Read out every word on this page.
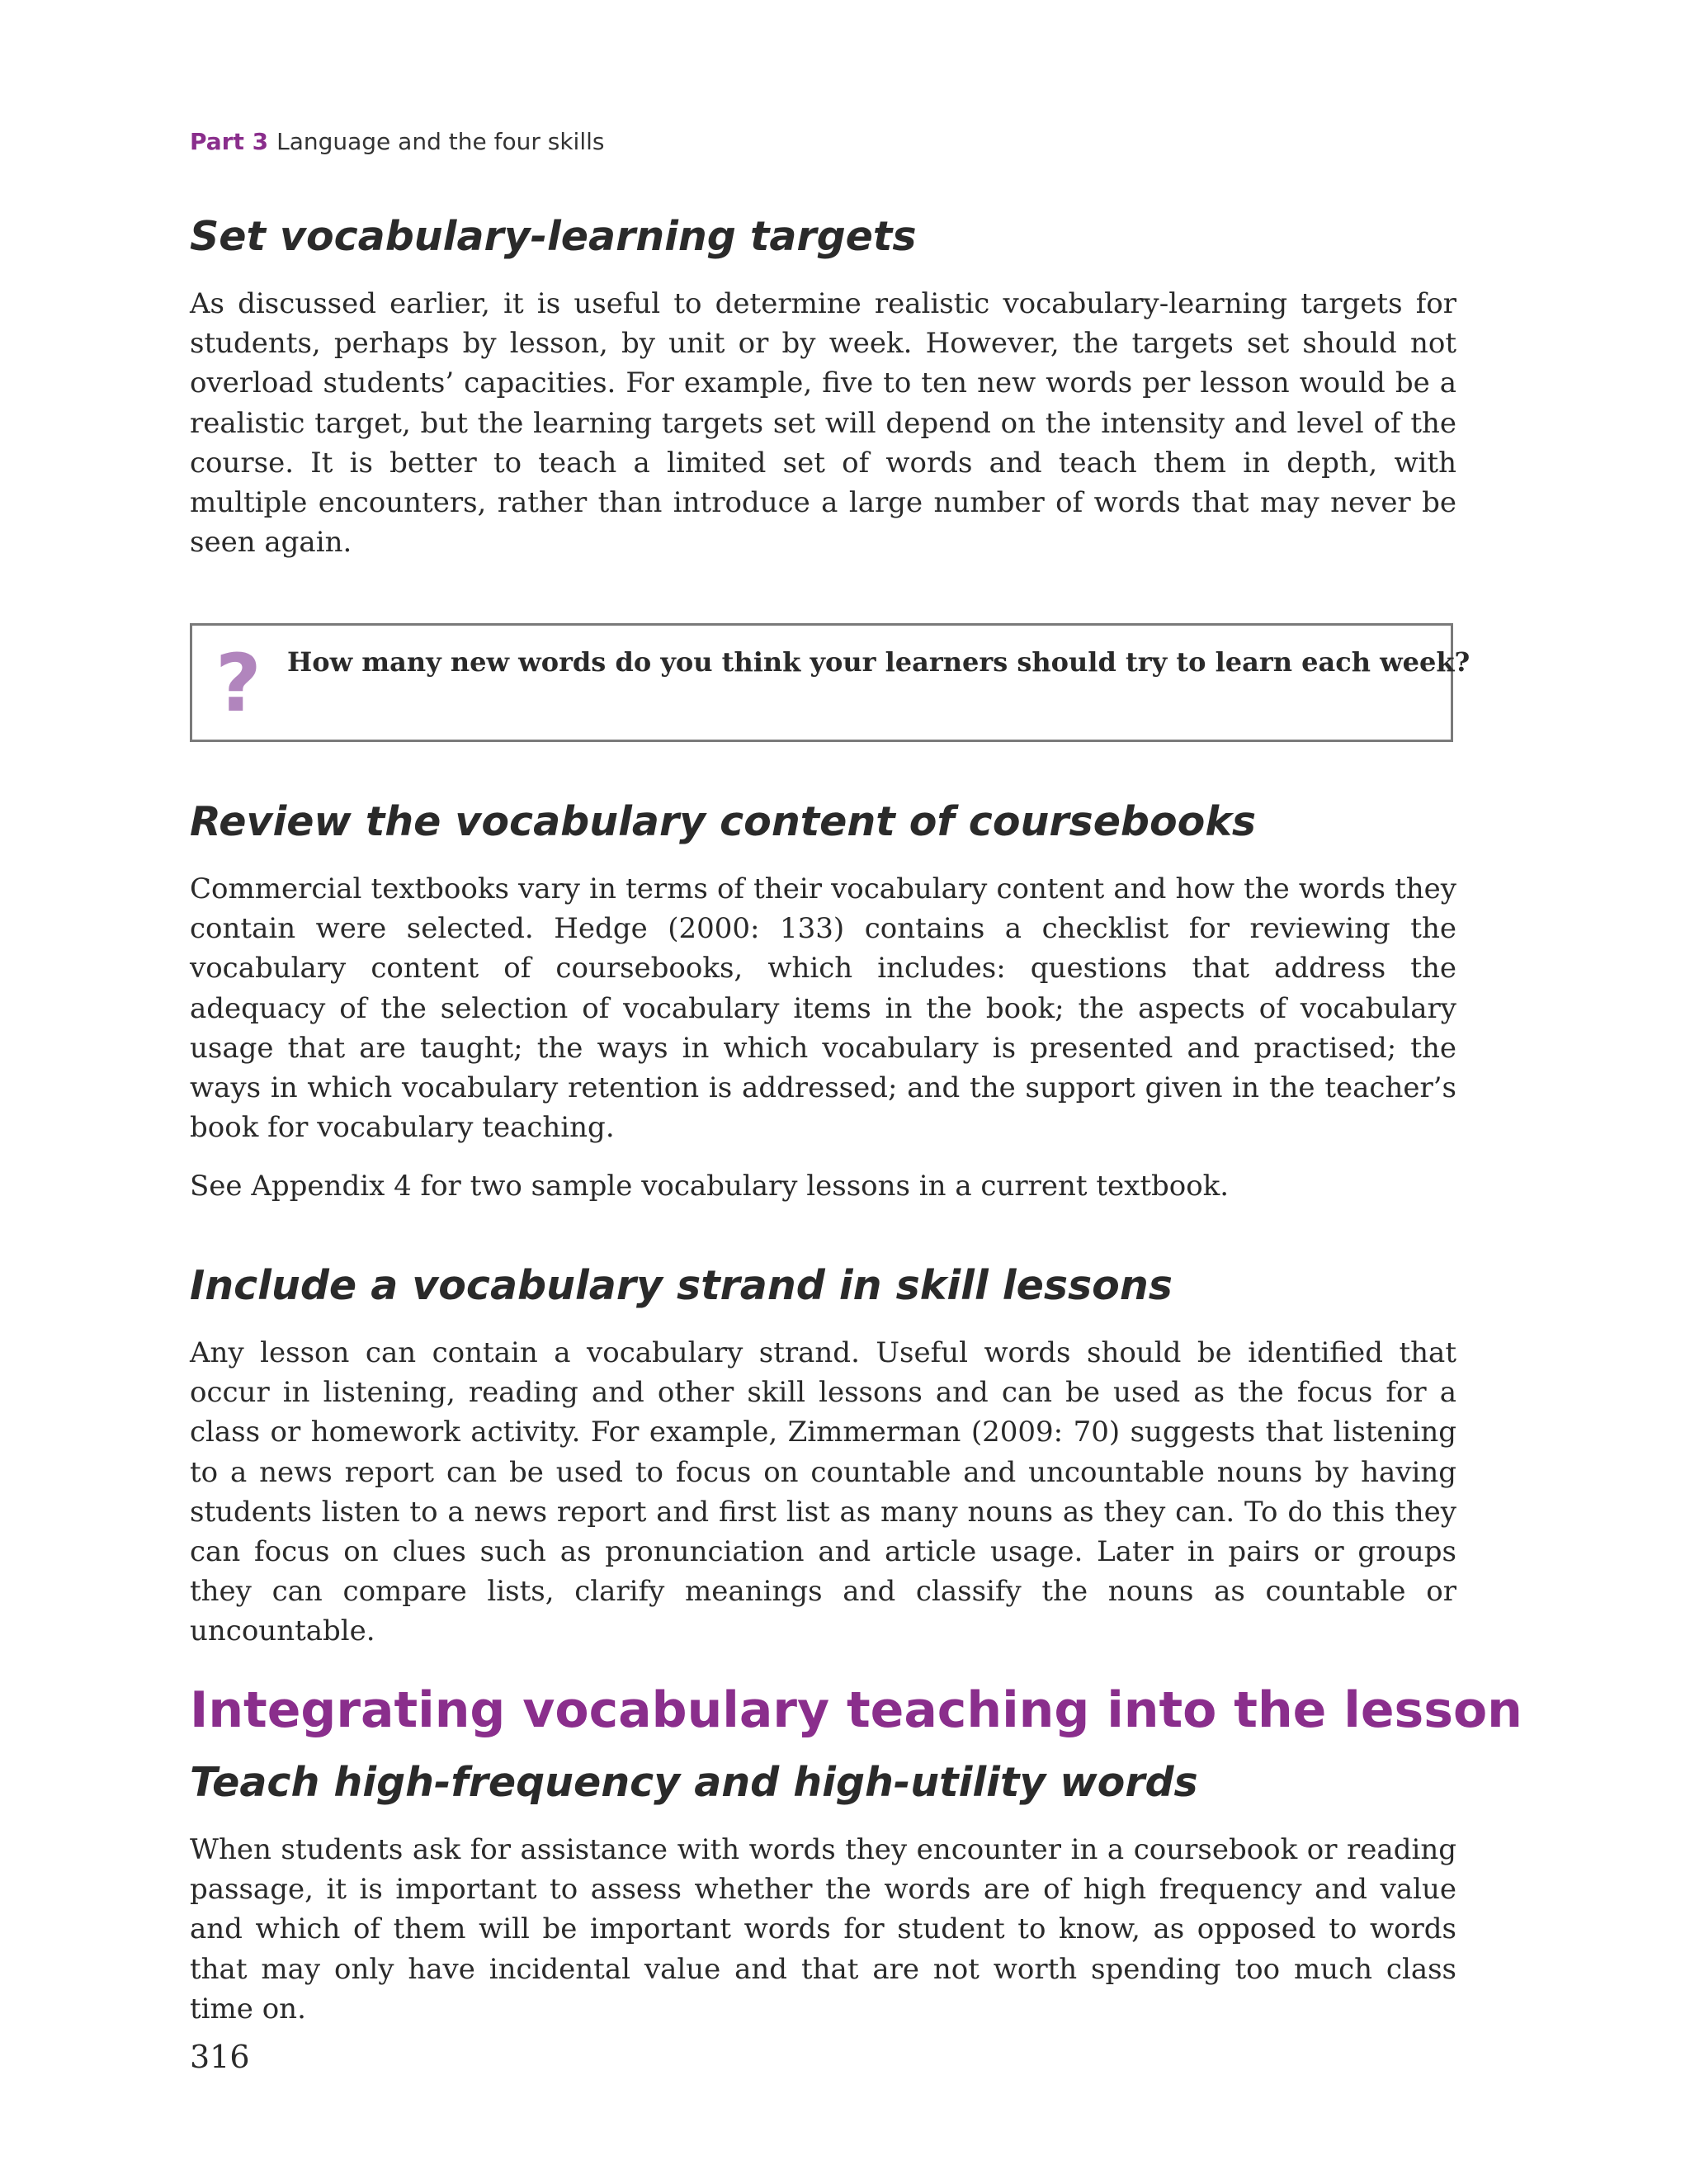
Part 3 Language and the four skills
Set vocabulary-learning targets

As discussed earlier, it is useful to determine realistic vocabulary-learning targets for students, perhaps by lesson, by unit or by week. However, the targets set should not overload students’ capacities. For example, five to ten new words per lesson would be a realistic target, but the learning targets set will depend on the intensity and level of the course. It is better to teach a limited set of words and teach them in depth, with multiple encounters, rather than introduce a large number of words that may never be seen again.

? How many new words do you think your learners should try to learn each week?
Review the vocabulary content of coursebooks

Commercial textbooks vary in terms of their vocabulary content and how the words they contain were selected. Hedge (2000: 133) contains a checklist for reviewing the vocabulary content of coursebooks, which includes: questions that address the adequacy of the selection of vocabulary items in the book; the aspects of vocabulary usage that are taught; the ways in which vocabulary is presented and practised; the ways in which vocabulary retention is addressed; and the support given in the teacher’s book for vocabulary teaching.

See Appendix 4 for two sample vocabulary lessons in a current textbook.

Include a vocabulary strand in skill lessons

Any lesson can contain a vocabulary strand. Useful words should be identified that occur in listening, reading and other skill lessons and can be used as the focus for a class or homework activity. For example, Zimmerman (2009: 70) suggests that listening to a news report can be used to focus on countable and uncountable nouns by having students listen to a news report and first list as many nouns as they can. To do this they can focus on clues such as pronunciation and article usage. Later in pairs or groups they can compare lists, clarify meanings and classify the nouns as countable or uncountable.

Integrating vocabulary teaching into the lesson
Teach high-frequency and high-utility words

When students ask for assistance with words they encounter in a coursebook or reading passage, it is important to assess whether the words are of high frequency and value and which of them will be important words for student to know, as opposed to words that may only have incidental value and that are not worth spending too much class time on.

316
